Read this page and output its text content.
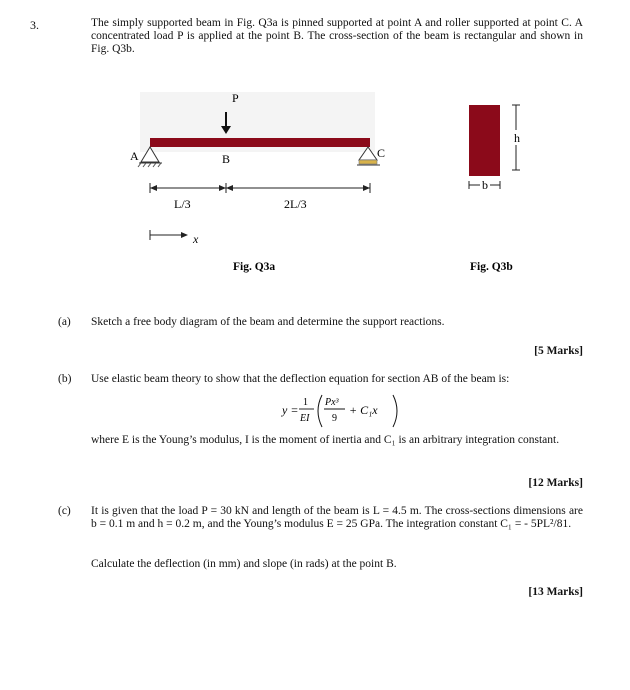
3.	The simply supported beam in Fig. Q3a is pinned supported at point A and roller supported at point C. A concentrated load P is applied at the point B. The cross-section of the beam is rectangular and shown in Fig. Q3b.
P
A	B	C
L/3	2L/3
x
Fig. Q3a	Fig. Q3b
h
b
(a) Sketch a free body diagram of the beam and determine the support reactions.
[5 Marks]
(b) Use elastic beam theory to show that the deflection equation for section AB of the beam is:
y =
1
EI
Px³
9
+ C₁x
where E is the Young’s modulus, I is the moment of inertia and C₁ is an arbitrary integration constant.
[12 Marks]
(c) It is given that the load P = 30 kN and length of the beam is L = 4.5 m. The cross-sections dimensions are b = 0.1 m and h = 0.2 m, and the Young’s modulus E = 25 GPa. The integration constant C₁ = - 5PL²/81.
Calculate the deflection (in mm) and slope (in rads) at the point B.
[13 Marks]
